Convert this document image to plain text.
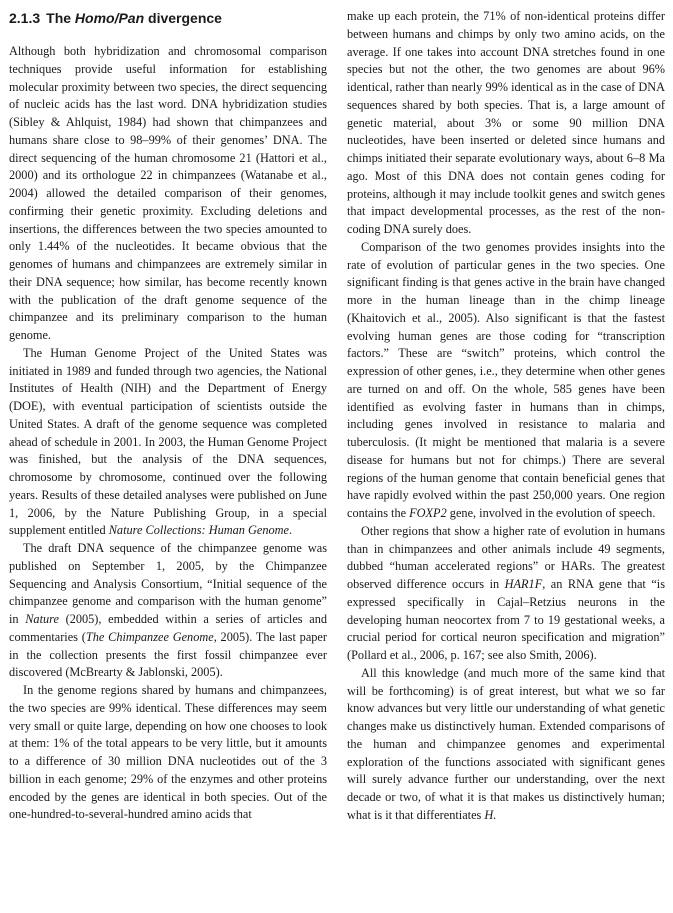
2.1.3 The Homo/Pan divergence

Although both hybridization and chromosomal comparison techniques provide useful information for establishing molecular proximity between two species, the direct sequencing of nucleic acids has the last word. DNA hybridization studies (Sibley & Ahlquist, 1984) had shown that chimpanzees and humans share close to 98–99% of their genomes’ DNA. The direct sequencing of the human chromosome 21 (Hattori et al., 2000) and its orthologue 22 in chimpanzees (Watanabe et al., 2004) allowed the detailed comparison of their genomes, confirming their genetic proximity. Excluding deletions and insertions, the differences between the two species amounted to only 1.44% of the nucleotides. It became obvious that the genomes of humans and chimpanzees are extremely similar in their DNA sequence; how similar, has become recently known with the publication of the draft genome sequence of the chimpanzee and its preliminary comparison to the human genome.

The Human Genome Project of the United States was initiated in 1989 and funded through two agencies, the National Institutes of Health (NIH) and the Department of Energy (DOE), with eventual participation of scientists outside the United States. A draft of the genome sequence was completed ahead of schedule in 2001. In 2003, the Human Genome Project was finished, but the analysis of the DNA sequences, chromosome by chromosome, continued over the following years. Results of these detailed analyses were published on June 1, 2006, by the Nature Publishing Group, in a special supplement entitled Nature Collections: Human Genome.

The draft DNA sequence of the chimpanzee genome was published on September 1, 2005, by the Chimpanzee Sequencing and Analysis Consortium, “Initial sequence of the chimpanzee genome and comparison with the human genome” in Nature (2005), embedded within a series of articles and commentaries (The Chimpanzee Genome, 2005). The last paper in the collection presents the first fossil chimpanzee ever discovered (McBrearty & Jablonski, 2005).

In the genome regions shared by humans and chimpanzees, the two species are 99% identical. These differences may seem very small or quite large, depending on how one chooses to look at them: 1% of the total appears to be very little, but it amounts to a difference of 30 million DNA nucleotides out of the 3 billion in each genome; 29% of the enzymes and other proteins encoded by the genes are identical in both species. Out of the one-hundred-to-several-hundred amino acids that

make up each protein, the 71% of non-identical proteins differ between humans and chimps by only two amino acids, on the average. If one takes into account DNA stretches found in one species but not the other, the two genomes are about 96% identical, rather than nearly 99% identical as in the case of DNA sequences shared by both species. That is, a large amount of genetic material, about 3% or some 90 million DNA nucleotides, have been inserted or deleted since humans and chimps initiated their separate evolutionary ways, about 6–8 Ma ago. Most of this DNA does not contain genes coding for proteins, although it may include toolkit genes and switch genes that impact developmental processes, as the rest of the non-coding DNA surely does.

Comparison of the two genomes provides insights into the rate of evolution of particular genes in the two species. One significant finding is that genes active in the brain have changed more in the human lineage than in the chimp lineage (Khaitovich et al., 2005). Also significant is that the fastest evolving human genes are those coding for “transcription factors.” These are “switch” proteins, which control the expression of other genes, i.e., they determine when other genes are turned on and off. On the whole, 585 genes have been identified as evolving faster in humans than in chimps, including genes involved in resistance to malaria and tuberculosis. (It might be mentioned that malaria is a severe disease for humans but not for chimps.) There are several regions of the human genome that contain beneficial genes that have rapidly evolved within the past 250,000 years. One region contains the FOXP2 gene, involved in the evolution of speech.

Other regions that show a higher rate of evolution in humans than in chimpanzees and other animals include 49 segments, dubbed “human accelerated regions” or HARs. The greatest observed difference occurs in HAR1F, an RNA gene that “is expressed specifically in Cajal–Retzius neurons in the developing human neocortex from 7 to 19 gestational weeks, a crucial period for cortical neuron specification and migration” (Pollard et al., 2006, p. 167; see also Smith, 2006).

All this knowledge (and much more of the same kind that will be forthcoming) is of great interest, but what we so far know advances but very little our understanding of what genetic changes make us distinctively human. Extended comparisons of the human and chimpanzee genomes and experimental exploration of the functions associated with significant genes will surely advance further our understanding, over the next decade or two, of what it is that makes us distinctively human; what is it that differentiates H.
